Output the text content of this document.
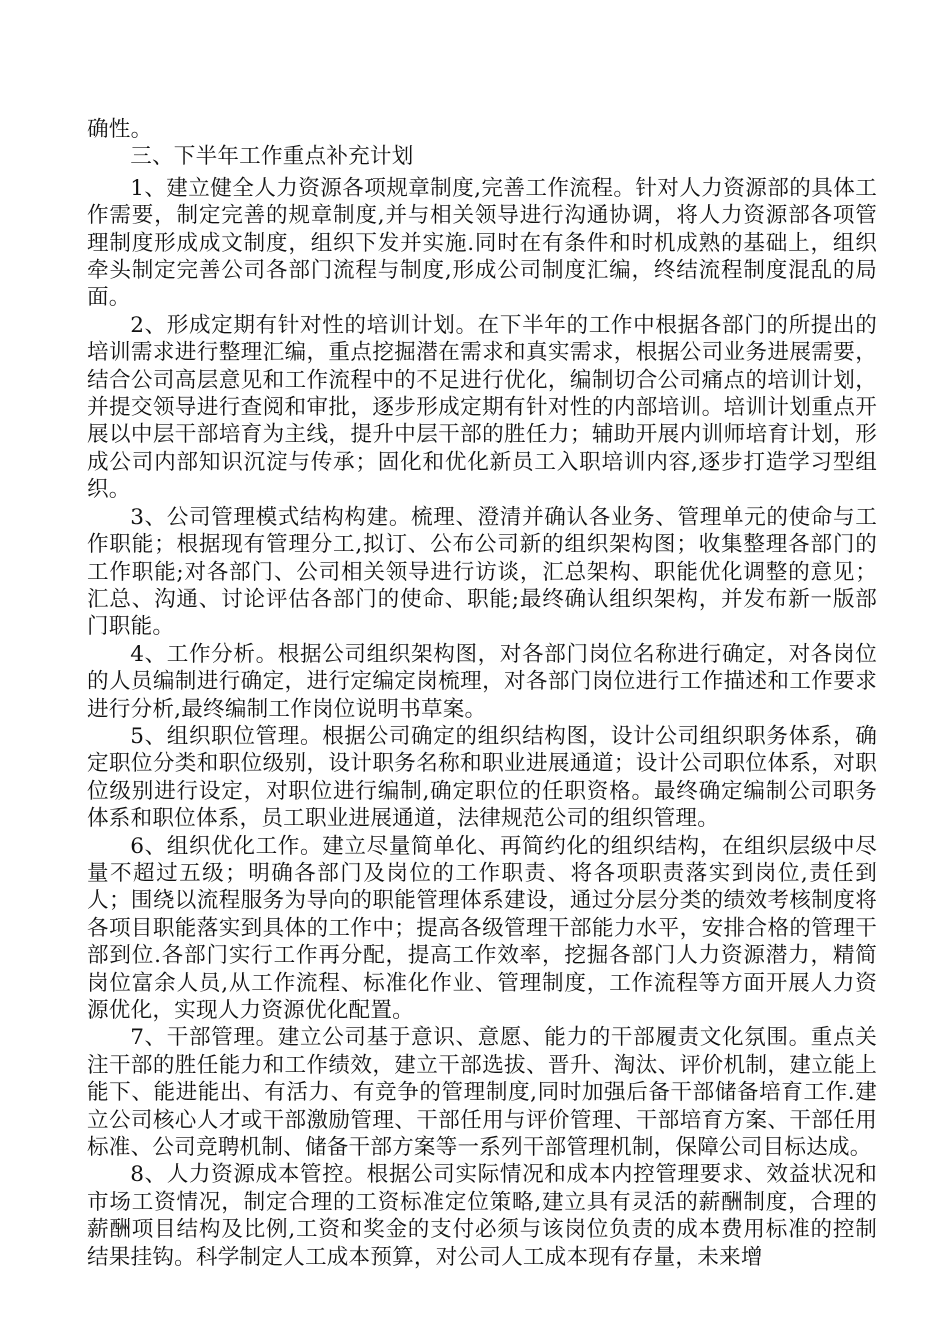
确性。

三、下半年工作重点补充计划

1、建立健全人力资源各项规章制度,完善工作流程。针对人力资源部的具体工作需要，制定完善的规章制度,并与相关领导进行沟通协调，将人力资源部各项管理制度形成成文制度，组织下发并实施.同时在有条件和时机成熟的基础上，组织牵头制定完善公司各部门流程与制度,形成公司制度汇编，终结流程制度混乱的局面。

2、形成定期有针对性的培训计划。在下半年的工作中根据各部门的所提出的培训需求进行整理汇编，重点挖掘潜在需求和真实需求，根据公司业务进展需要，结合公司高层意见和工作流程中的不足进行优化，编制切合公司痛点的培训计划，并提交领导进行查阅和审批，逐步形成定期有针对性的内部培训。培训计划重点开展以中层干部培育为主线，提升中层干部的胜任力；辅助开展内训师培育计划，形成公司内部知识沉淀与传承；固化和优化新员工入职培训内容,逐步打造学习型组织。

3、公司管理模式结构构建。梳理、澄清并确认各业务、管理单元的使命与工作职能；根据现有管理分工,拟订、公布公司新的组织架构图；收集整理各部门的工作职能;对各部门、公司相关领导进行访谈，汇总架构、职能优化调整的意见；汇总、沟通、讨论评估各部门的使命、职能;最终确认组织架构，并发布新一版部门职能。

4、工作分析。根据公司组织架构图，对各部门岗位名称进行确定，对各岗位的人员编制进行确定，进行定编定岗梳理，对各部门岗位进行工作描述和工作要求进行分析,最终编制工作岗位说明书草案。

5、组织职位管理。根据公司确定的组织结构图，设计公司组织职务体系，确定职位分类和职位级别，设计职务名称和职业进展通道；设计公司职位体系，对职位级别进行设定，对职位进行编制,确定职位的任职资格。最终确定编制公司职务体系和职位体系，员工职业进展通道，法律规范公司的组织管理。

6、组织优化工作。建立尽量简单化、再简约化的组织结构，在组织层级中尽量不超过五级；明确各部门及岗位的工作职责、将各项职责落实到岗位,责任到人；围绕以流程服务为导向的职能管理体系建设，通过分层分类的绩效考核制度将各项目职能落实到具体的工作中；提高各级管理干部能力水平，安排合格的管理干部到位.各部门实行工作再分配，提高工作效率，挖掘各部门人力资源潜力，精简岗位富余人员,从工作流程、标准化作业、管理制度，工作流程等方面开展人力资源优化，实现人力资源优化配置。

7、干部管理。建立公司基于意识、意愿、能力的干部履责文化氛围。重点关注干部的胜任能力和工作绩效，建立干部选拔、晋升、淘汰、评价机制，建立能上能下、能进能出、有活力、有竞争的管理制度,同时加强后备干部储备培育工作.建立公司核心人才或干部激励管理、干部任用与评价管理、干部培育方案、干部任用标准、公司竞聘机制、储备干部方案等一系列干部管理机制，保障公司目标达成。

8、人力资源成本管控。根据公司实际情况和成本内控管理要求、效益状况和市场工资情况，制定合理的工资标准定位策略,建立具有灵活的薪酬制度，合理的薪酬项目结构及比例,工资和奖金的支付必须与该岗位负责的成本费用标准的控制结果挂钩。科学制定人工成本预算，对公司人工成本现有存量，未来增
